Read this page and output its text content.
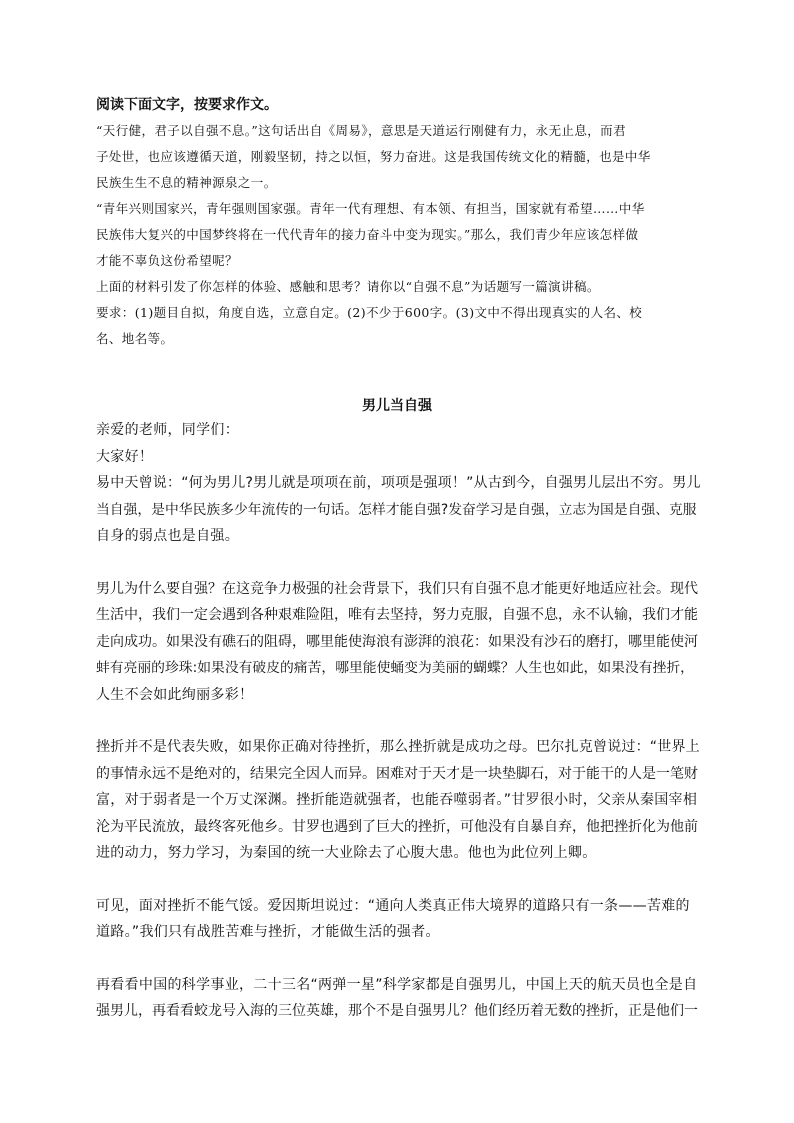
阅读下面文字，按要求作文。

“天行健，君子以自强不息。”这句话出自《周易》，意思是天道运行刚健有力，永无止息，而君

子处世，也应该遵循天道，刚毅坚韧，持之以恒，努力奋进。这是我国传统文化的精髓，也是中华

民族生生不息的精神源泉之一。

“青年兴则国家兴，青年强则国家强。青年一代有理想、有本领、有担当，国家就有希望……中华

民族伟大复兴的中国梦终将在一代代青年的接力奋斗中变为现实。”那么，我们青少年应该怎样做

才能不辜负这份希望呢？

上面的材料引发了你怎样的体验、感触和思考？请你以“自强不息”为话题写一篇演讲稿。

要求：(1)题目自拟，角度自选，立意自定。(2)不少于600字。(3)文中不得出现真实的人名、校

名、地名等。

男儿当自强

亲爱的老师，同学们：

大家好！

易中天曾说：“何为男儿?男儿就是项项在前，项项是强项！”从古到今，自强男儿层出不穷。男儿

当自强，是中华民族多少年流传的一句话。怎样才能自强?发奋学习是自强，立志为国是自强、克服

自身的弱点也是自强。

男儿为什么要自强？在这竞争力极强的社会背景下，我们只有自强不息才能更好地适应社会。现代

生活中，我们一定会遇到各种艰难险阻，唯有去坚持，努力克服，自强不息，永不认输，我们才能

走向成功。如果没有礁石的阻碍，哪里能使海浪有澎湃的浪花：如果没有沙石的磨打，哪里能使河

蚌有亮丽的珍珠:如果没有破皮的痛苦，哪里能使蛹变为美丽的蝴蝶？人生也如此，如果没有挫折，

人生不会如此绚丽多彩！

挫折并不是代表失败，如果你正确对待挫折，那么挫折就是成功之母。巴尔扎克曾说过：“世界上

的事情永远不是绝对的，结果完全因人而异。困难对于天才是一块垫脚石，对于能干的人是一笔财

富，对于弱者是一个万丈深渊。挫折能造就强者，也能吞噬弱者。”甘罗很小时，父亲从秦国宰相

沦为平民流放，最终客死他乡。甘罗也遇到了巨大的挫折，可他没有自暴自弃，他把挫折化为他前

进的动力，努力学习，为秦国的统一大业除去了心腹大患。他也为此位列上卿。

可见，面对挫折不能气馁。爱因斯坦说过：“通向人类真正伟大境界的道路只有一条——苦难的

道路。”我们只有战胜苦难与挫折，才能做生活的强者。

再看看中国的科学事业，二十三名“两弹一星”科学家都是自强男儿，中国上天的航天员也全是自

强男儿，再看看蛟龙号入海的三位英雄，那个不是自强男儿？他们经历着无数的挫折，正是他们一
